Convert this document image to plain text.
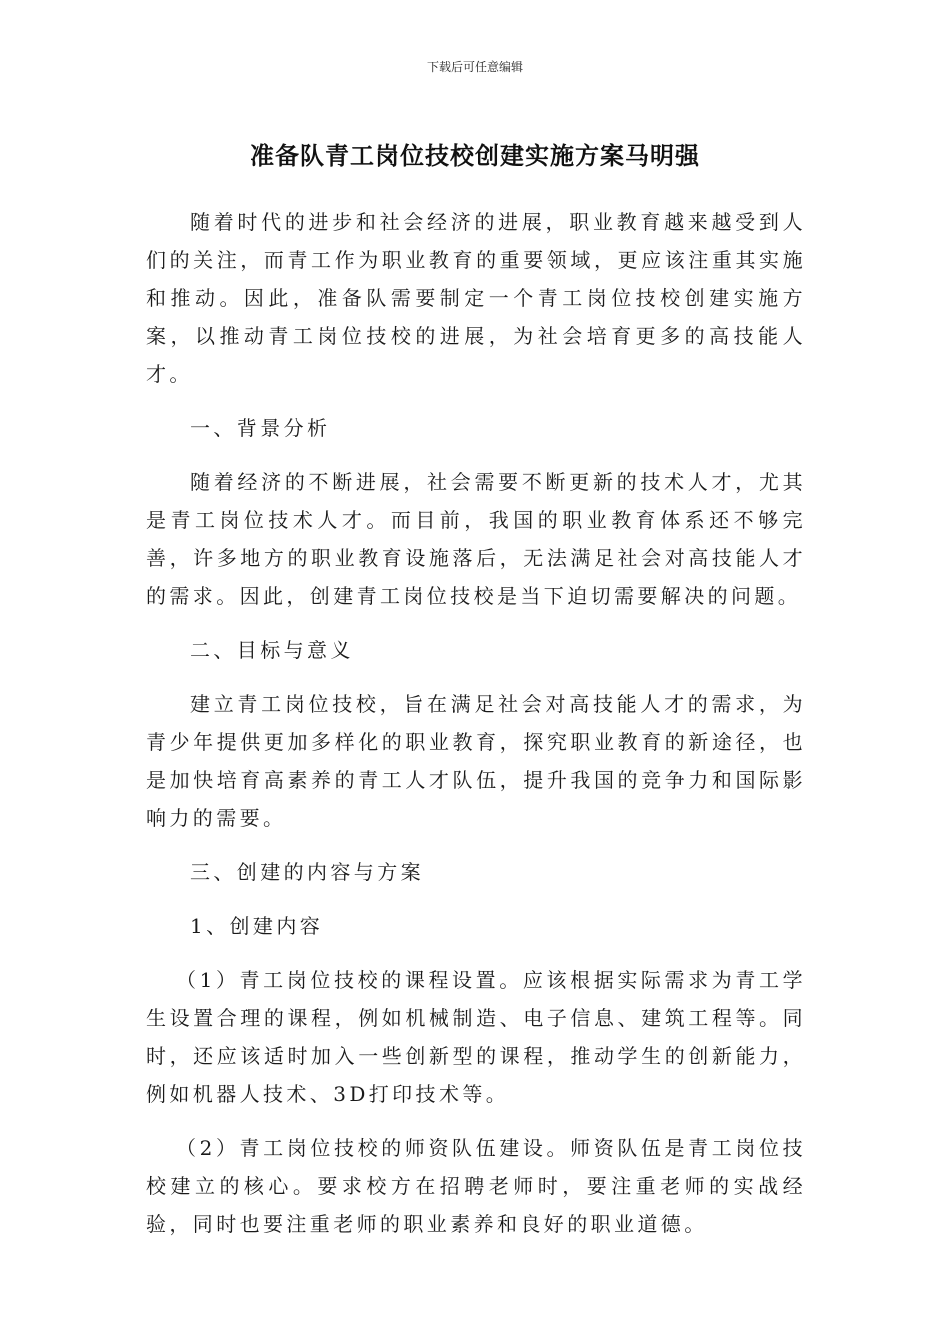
下载后可任意编辑
准备队青工岗位技校创建实施方案马明强

随着时代的进步和社会经济的进展，职业教育越来越受到人们的关注，而青工作为职业教育的重要领域，更应该注重其实施和推动。因此，准备队需要制定一个青工岗位技校创建实施方案，以推动青工岗位技校的进展，为社会培育更多的高技能人才。

一、背景分析

随着经济的不断进展，社会需要不断更新的技术人才，尤其是青工岗位技术人才。而目前，我国的职业教育体系还不够完善，许多地方的职业教育设施落后，无法满足社会对高技能人才的需求。因此，创建青工岗位技校是当下迫切需要解决的问题。

二、目标与意义

建立青工岗位技校，旨在满足社会对高技能人才的需求，为青少年提供更加多样化的职业教育，探究职业教育的新途径，也是加快培育高素养的青工人才队伍，提升我国的竞争力和国际影响力的需要。

三、创建的内容与方案

1、创建内容

（1）青工岗位技校的课程设置。应该根据实际需求为青工学生设置合理的课程，例如机械制造、电子信息、建筑工程等。同时，还应该适时加入一些创新型的课程，推动学生的创新能力，例如机器人技术、3D打印技术等。

（2）青工岗位技校的师资队伍建设。师资队伍是青工岗位技校建立的核心。要求校方在招聘老师时，要注重老师的实战经验，同时也要注重老师的职业素养和良好的职业道德。
